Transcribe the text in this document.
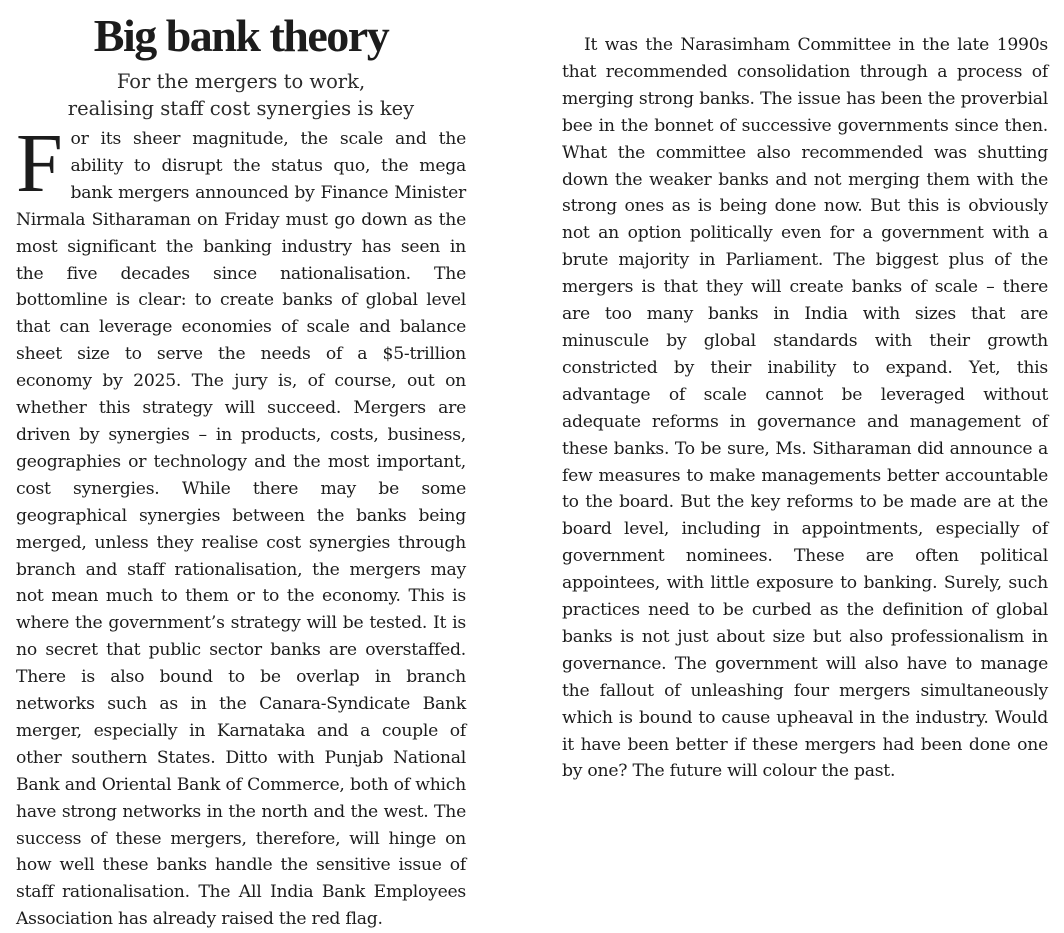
Big bank theory
For the mergers to work,
realising staff cost synergies is key

For its sheer magnitude, the scale and the ability to disrupt the status quo, the mega bank mergers announced by Finance Minister Nirmala Sitharaman on Friday must go down as the most significant the banking industry has seen in the five decades since nationalisation. The bottomline is clear: to create banks of global level that can leverage economies of scale and balance sheet size to serve the needs of a $5-trillion economy by 2025. The jury is, of course, out on whether this strategy will succeed. Mergers are driven by synergies – in products, costs, business, geographies or technology and the most important, cost synergies. While there may be some geographical synergies between the banks being merged, unless they realise cost synergies through branch and staff rationalisation, the mergers may not mean much to them or to the economy. This is where the government’s strategy will be tested. It is no secret that public sector banks are overstaffed. There is also bound to be overlap in branch networks such as in the Canara-Syndicate Bank merger, especially in Karnataka and a couple of other southern States. Ditto with Punjab National Bank and Oriental Bank of Commerce, both of which have strong networks in the north and the west. The success of these mergers, therefore, will hinge on how well these banks handle the sensitive issue of staff rationalisation. The All India Bank Employees Association has already raised the red flag.

It was the Narasimham Committee in the late 1990s that recommended consolidation through a process of merging strong banks. The issue has been the proverbial bee in the bonnet of successive governments since then. What the committee also recommended was shutting down the weaker banks and not merging them with the strong ones as is being done now. But this is obviously not an option politically even for a government with a brute majority in Parliament. The biggest plus of the mergers is that they will create banks of scale – there are too many banks in India with sizes that are minuscule by global standards with their growth constricted by their inability to expand. Yet, this advantage of scale cannot be leveraged without adequate reforms in governance and management of these banks. To be sure, Ms. Sitharaman did announce a few measures to make managements better accountable to the board. But the key reforms to be made are at the board level, including in appointments, especially of government nominees. These are often political appointees, with little exposure to banking. Surely, such practices need to be curbed as the definition of global banks is not just about size but also professionalism in governance. The government will also have to manage the fallout of unleashing four mergers simultaneously which is bound to cause upheaval in the industry. Would it have been better if these mergers had been done one by one? The future will colour the past.
